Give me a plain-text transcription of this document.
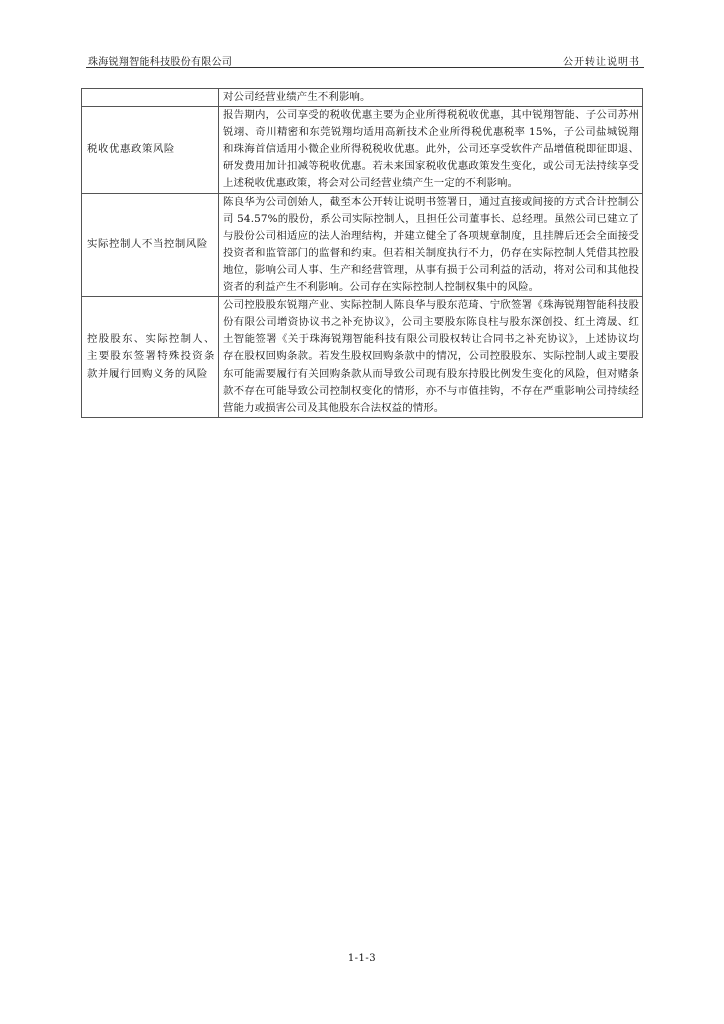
珠海锐翔智能科技股份有限公司	公开转让说明书
	对公司经营业绩产生不利影响。
税收优惠政策风险	报告期内，公司享受的税收优惠主要为企业所得税税收优惠，其中锐翔智能、子公司苏州锐翊、奇川精密和东莞锐翔均适用高新技术企业所得税优惠税率 15%，子公司盐城锐翔和珠海首信适用小微企业所得税税收优惠。此外，公司还享受软件产品增值税即征即退、研发费用加计扣减等税收优惠。若未来国家税收优惠政策发生变化，或公司无法持续享受上述税收优惠政策，将会对公司经营业绩产生一定的不利影响。
实际控制人不当控制风险	陈良华为公司创始人，截至本公开转让说明书签署日，通过直接或间接的方式合计控制公司 54.57%的股份，系公司实际控制人，且担任公司董事长、总经理。虽然公司已建立了与股份公司相适应的法人治理结构，并建立健全了各项规章制度，且挂牌后还会全面接受投资者和监管部门的监督和约束。但若相关制度执行不力，仍存在实际控制人凭借其控股地位，影响公司人事、生产和经营管理，从事有损于公司利益的活动，将对公司和其他投资者的利益产生不利影响。公司存在实际控制人控制权集中的风险。
控股股东、实际控制人、主要股东签署特殊投资条款并履行回购义务的风险	公司控股股东锐翔产业、实际控制人陈良华与股东范琦、宁欣签署《珠海锐翔智能科技股份有限公司增资协议书之补充协议》，公司主要股东陈良柱与股东深创投、红土湾晟、红土智能签署《关于珠海锐翔智能科技有限公司股权转让合同书之补充协议》，上述协议均存在股权回购条款。若发生股权回购条款中的情况，公司控股股东、实际控制人或主要股东可能需要履行有关回购条款从而导致公司现有股东持股比例发生变化的风险，但对赌条款不存在可能导致公司控制权变化的情形，亦不与市值挂钩，不存在严重影响公司持续经营能力或损害公司及其他股东合法权益的情形。
1-1-3
